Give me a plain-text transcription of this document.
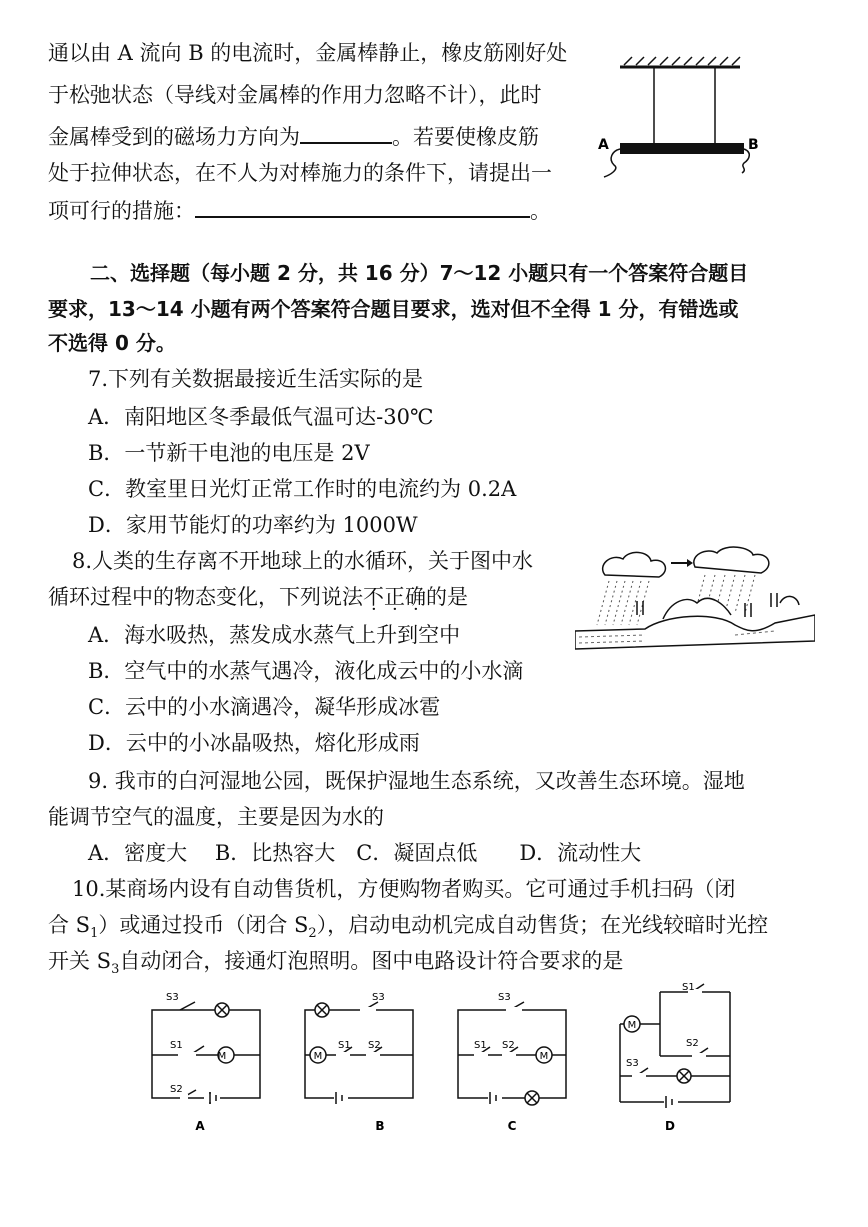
通以由 A 流向 B 的电流时，金属棒静止，橡皮筋刚好处
于松弛状态（导线对金属棒的作用力忽略不计），此时
金属棒受到的磁场力方向为	。若要使橡皮筋
处于拉伸状态，在不人为对棒施力的条件下，请提出一
项可行的措施：	。
A	B
二、选择题（每小题 2 分，共 16 分）7～12 小题只有一个答案符合题目
要求，13～14 小题有两个答案符合题目要求，选对但不全得 1 分，有错选或
不选得 0 分。
7.下列有关数据最接近生活实际的是
A．南阳地区冬季最低气温可达-30℃
B．一节新干电池的电压是 2V
C．教室里日光灯正常工作时的电流约为 0.2A
D．家用节能灯的功率约为 1000W
8.人类的生存离不开地球上的水循环，关于图中水
循环过程中的物态变化，下列说法不正确的是
A．海水吸热，蒸发成水蒸气上升到空中
B．空气中的水蒸气遇冷，液化成云中的小水滴
C．云中的小水滴遇冷，凝华形成冰雹
D．云中的小冰晶吸热，熔化形成雨
9. 我市的白河湿地公园，既保护湿地生态系统，又改善生态环境。湿地
能调节空气的温度，主要是因为水的
A．密度大　 B．比热容大　C．凝固点低　　D．流动性大
10.某商场内设有自动售货机，方便购物者购买。它可通过手机扫码（闭
合 $S_1$）或通过投币（闭合 $S_2$），启动电动机完成自动售货；在光线较暗时光控
开关 $S_3$自动闭合，接通灯泡照明。图中电路设计符合要求的是
M
S3
S1
S2
A
M
S3
S1 S2
B
M
S3
S1 S2
C
M
S1
S2
S3
D
